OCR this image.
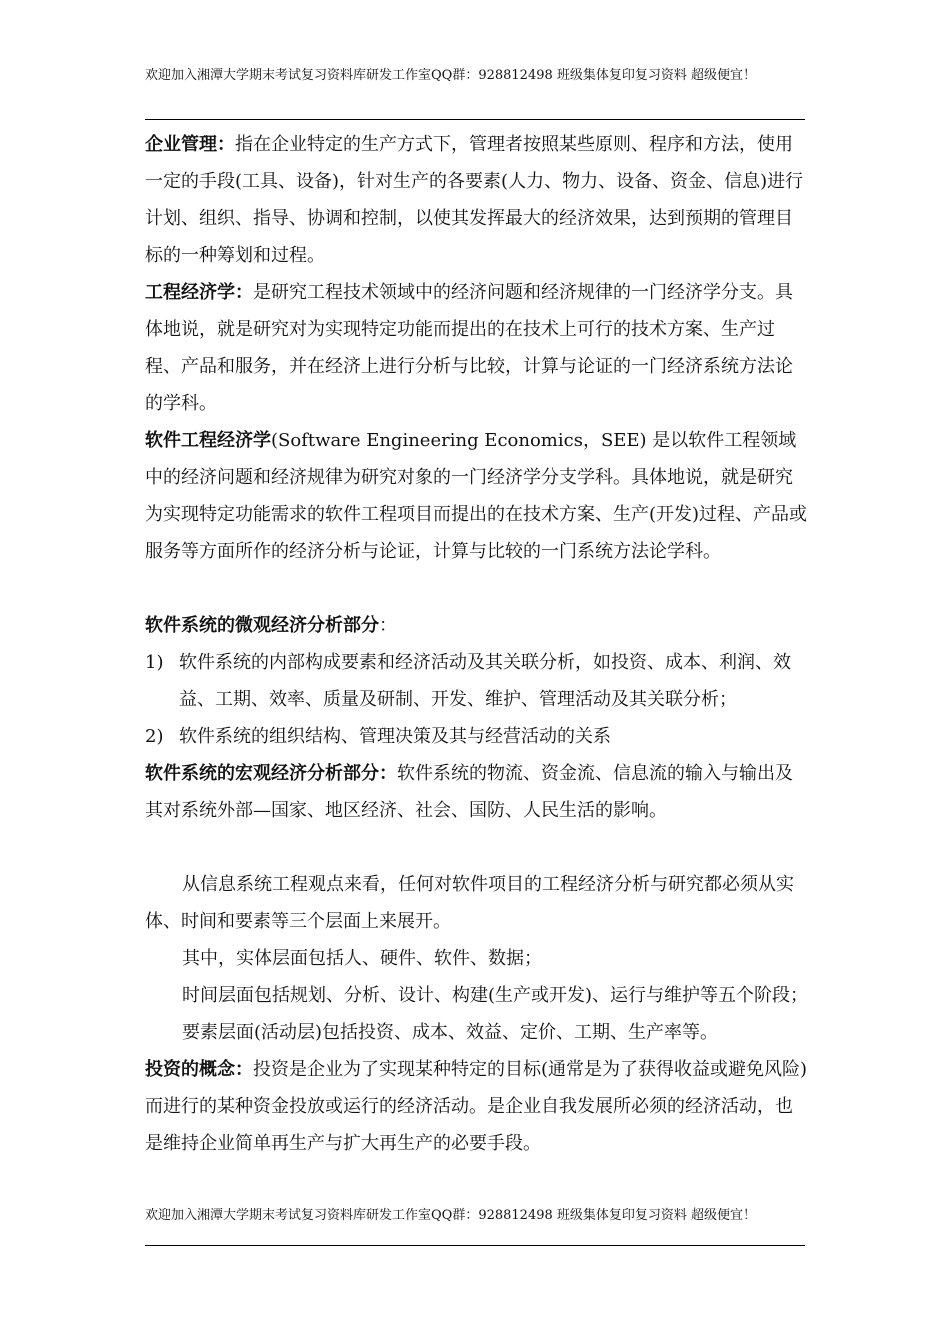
欢迎加入湘潭大学期末考试复习资料库研发工作室QQ群：928812498 班级集体复印复习资料 超级便宜！

企业管理：指在企业特定的生产方式下，管理者按照某些原则、程序和方法，使用一定的手段(工具、设备)，针对生产的各要素(人力、物力、设备、资金、信息)进行计划、组织、指导、协调和控制，以使其发挥最大的经济效果，达到预期的管理目标的一种筹划和过程。

工程经济学：是研究工程技术领域中的经济问题和经济规律的一门经济学分支。具体地说，就是研究对为实现特定功能而提出的在技术上可行的技术方案、生产过程、产品和服务，并在经济上进行分析与比较，计算与论证的一门经济系统方法论的学科。

软件工程经济学(Software Engineering Economics，SEE) 是以软件工程领域中的经济问题和经济规律为研究对象的一门经济学分支学科。具体地说，就是研究为实现特定功能需求的软件工程项目而提出的在技术方案、生产(开发)过程、产品或服务等方面所作的经济分析与论证，计算与比较的一门系统方法论学科。

软件系统的微观经济分析部分：

1) 软件系统的内部构成要素和经济活动及其关联分析，如投资、成本、利润、效益、工期、效率、质量及研制、开发、维护、管理活动及其关联分析；
2) 软件系统的组织结构、管理决策及其与经营活动的关系

软件系统的宏观经济分析部分：软件系统的物流、资金流、信息流的输入与输出及其对系统外部—国家、地区经济、社会、国防、人民生活的影响。

从信息系统工程观点来看，任何对软件项目的工程经济分析与研究都必须从实体、时间和要素等三个层面上来展开。

其中，实体层面包括人、硬件、软件、数据；

时间层面包括规划、分析、设计、构建(生产或开发)、运行与维护等五个阶段；

要素层面(活动层)包括投资、成本、效益、定价、工期、生产率等。

投资的概念：投资是企业为了实现某种特定的目标(通常是为了获得收益或避免风险)而进行的某种资金投放或运行的经济活动。是企业自我发展所必须的经济活动，也是维持企业简单再生产与扩大再生产的必要手段。

欢迎加入湘潭大学期末考试复习资料库研发工作室QQ群：928812498 班级集体复印复习资料 超级便宜！
